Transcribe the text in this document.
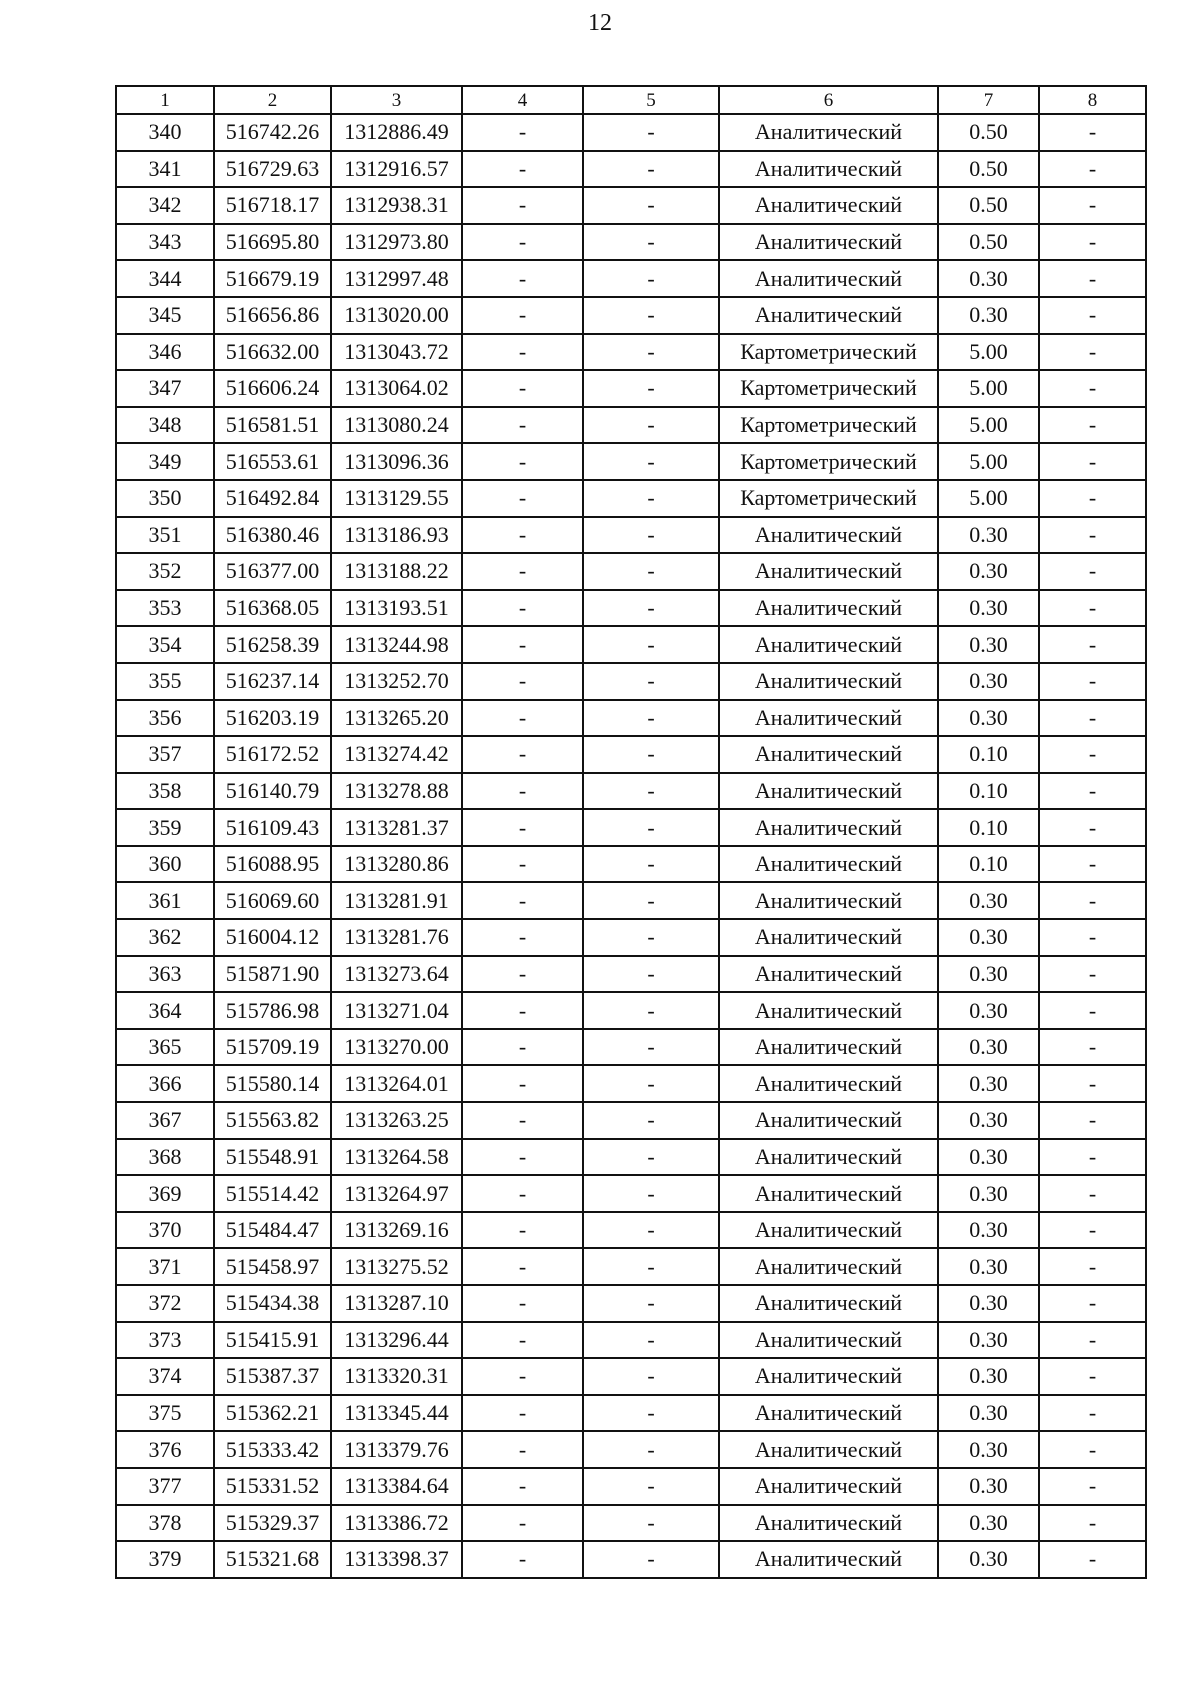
12
1	2	3	4	5	6	7	8
340	516742.26	1312886.49	-	-	Аналитический	0.50	-
341	516729.63	1312916.57	-	-	Аналитический	0.50	-
342	516718.17	1312938.31	-	-	Аналитический	0.50	-
343	516695.80	1312973.80	-	-	Аналитический	0.50	-
344	516679.19	1312997.48	-	-	Аналитический	0.30	-
345	516656.86	1313020.00	-	-	Аналитический	0.30	-
346	516632.00	1313043.72	-	-	Картометрический	5.00	-
347	516606.24	1313064.02	-	-	Картометрический	5.00	-
348	516581.51	1313080.24	-	-	Картометрический	5.00	-
349	516553.61	1313096.36	-	-	Картометрический	5.00	-
350	516492.84	1313129.55	-	-	Картометрический	5.00	-
351	516380.46	1313186.93	-	-	Аналитический	0.30	-
352	516377.00	1313188.22	-	-	Аналитический	0.30	-
353	516368.05	1313193.51	-	-	Аналитический	0.30	-
354	516258.39	1313244.98	-	-	Аналитический	0.30	-
355	516237.14	1313252.70	-	-	Аналитический	0.30	-
356	516203.19	1313265.20	-	-	Аналитический	0.30	-
357	516172.52	1313274.42	-	-	Аналитический	0.10	-
358	516140.79	1313278.88	-	-	Аналитический	0.10	-
359	516109.43	1313281.37	-	-	Аналитический	0.10	-
360	516088.95	1313280.86	-	-	Аналитический	0.10	-
361	516069.60	1313281.91	-	-	Аналитический	0.30	-
362	516004.12	1313281.76	-	-	Аналитический	0.30	-
363	515871.90	1313273.64	-	-	Аналитический	0.30	-
364	515786.98	1313271.04	-	-	Аналитический	0.30	-
365	515709.19	1313270.00	-	-	Аналитический	0.30	-
366	515580.14	1313264.01	-	-	Аналитический	0.30	-
367	515563.82	1313263.25	-	-	Аналитический	0.30	-
368	515548.91	1313264.58	-	-	Аналитический	0.30	-
369	515514.42	1313264.97	-	-	Аналитический	0.30	-
370	515484.47	1313269.16	-	-	Аналитический	0.30	-
371	515458.97	1313275.52	-	-	Аналитический	0.30	-
372	515434.38	1313287.10	-	-	Аналитический	0.30	-
373	515415.91	1313296.44	-	-	Аналитический	0.30	-
374	515387.37	1313320.31	-	-	Аналитический	0.30	-
375	515362.21	1313345.44	-	-	Аналитический	0.30	-
376	515333.42	1313379.76	-	-	Аналитический	0.30	-
377	515331.52	1313384.64	-	-	Аналитический	0.30	-
378	515329.37	1313386.72	-	-	Аналитический	0.30	-
379	515321.68	1313398.37	-	-	Аналитический	0.30	-
